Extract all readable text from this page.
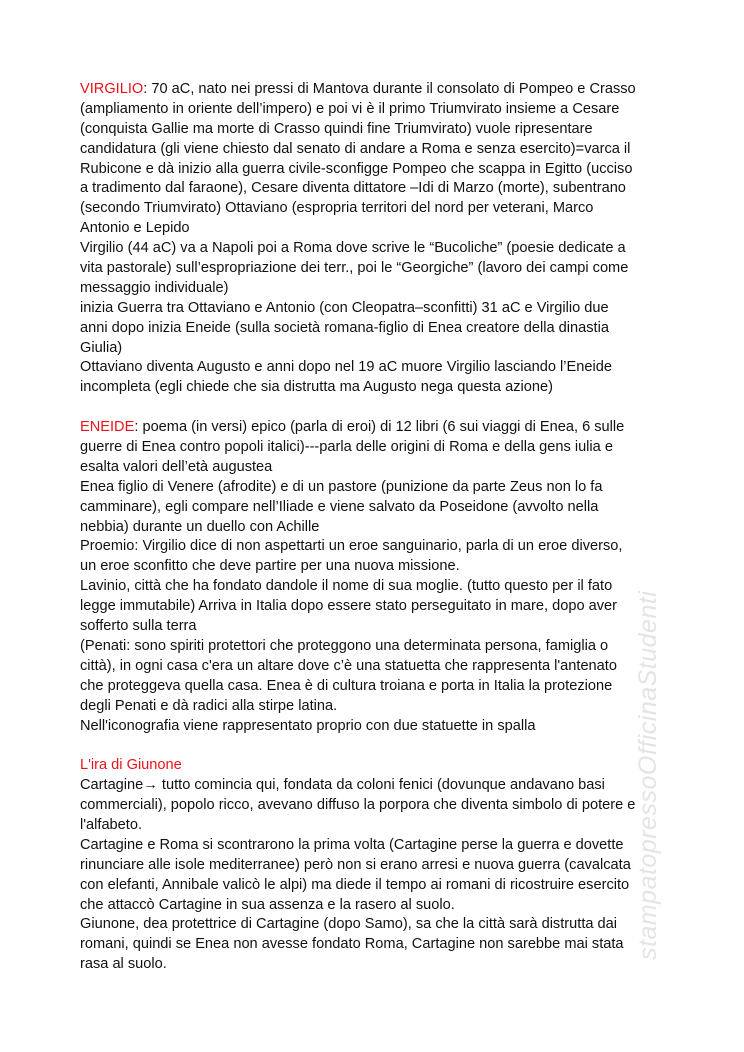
stampatopressoOfficinaStudenti
VIRGILIO: 70 aC, nato nei pressi di Mantova durante il consolato di Pompeo e Crasso
(ampliamento in oriente dell’impero) e poi vi è il primo Triumvirato insieme a Cesare
(conquista Gallie ma morte di Crasso quindi fine Triumvirato) vuole ripresentare
candidatura (gli viene chiesto dal senato di andare a Roma e senza esercito)=varca il
Rubicone e dà inizio alla guerra civile-sconfigge Pompeo che scappa in Egitto (ucciso
a tradimento dal faraone), Cesare diventa dittatore –Idi di Marzo (morte), subentrano
(secondo Triumvirato) Ottaviano (espropria territori del nord per veterani, Marco
Antonio e Lepido
Virgilio (44 aC) va a Napoli poi a Roma dove scrive le “Bucoliche” (poesie dedicate a
vita pastorale) sull’espropriazione dei terr., poi le “Georgiche” (lavoro dei campi come
messaggio individuale)
inizia Guerra tra Ottaviano e Antonio (con Cleopatra–sconfitti) 31 aC e Virgilio due
anni dopo inizia Eneide (sulla società romana-figlio di Enea creatore della dinastia
Giulia)
Ottaviano diventa Augusto e anni dopo nel 19 aC muore Virgilio lasciando l’Eneide
incompleta (egli chiede che sia distrutta ma Augusto nega questa azione)
ENEIDE: poema (in versi) epico (parla di eroi) di 12 libri (6 sui viaggi di Enea, 6 sulle
guerre di Enea contro popoli italici)---parla delle origini di Roma e della gens iulia e
esalta valori dell’età augustea
Enea figlio di Venere (afrodite) e di un pastore (punizione da parte Zeus non lo fa
camminare), egli compare nell’Iliade e viene salvato da Poseidone (avvolto nella
nebbia) durante un duello con Achille
Proemio: Virgilio dice di non aspettarti un eroe sanguinario, parla di un eroe diverso,
un eroe sconfitto che deve partire per una nuova missione.
Lavinio, città che ha fondato dandole il nome di sua moglie. (tutto questo per il fato
legge immutabile) Arriva in Italia dopo essere stato perseguitato in mare, dopo aver
sofferto sulla terra
(Penati: sono spiriti protettori che proteggono una determinata persona, famiglia o
città), in ogni casa c'era un altare dove c’è una statuetta che rappresenta l'antenato
che proteggeva quella casa. Enea è di cultura troiana e porta in Italia la protezione
degli Penati e dà radici alla stirpe latina.
Nell'iconografia viene rappresentato proprio con due statuette in spalla
L'ira di Giunone
Cartagine→ tutto comincia qui, fondata da coloni fenici (dovunque andavano basi
commerciali), popolo ricco, avevano diffuso la porpora che diventa simbolo di potere e
l'alfabeto.
Cartagine e Roma si scontrarono la prima volta (Cartagine perse la guerra e dovette
rinunciare alle isole mediterranee) però non si erano arresi e nuova guerra (cavalcata
con elefanti, Annibale valicò le alpi) ma diede il tempo ai romani di ricostruire esercito
che attaccò Cartagine in sua assenza e la rasero al suolo.
Giunone, dea protettrice di Cartagine (dopo Samo), sa che la città sarà distrutta dai
romani, quindi se Enea non avesse fondato Roma, Cartagine non sarebbe mai stata
rasa al suolo.
